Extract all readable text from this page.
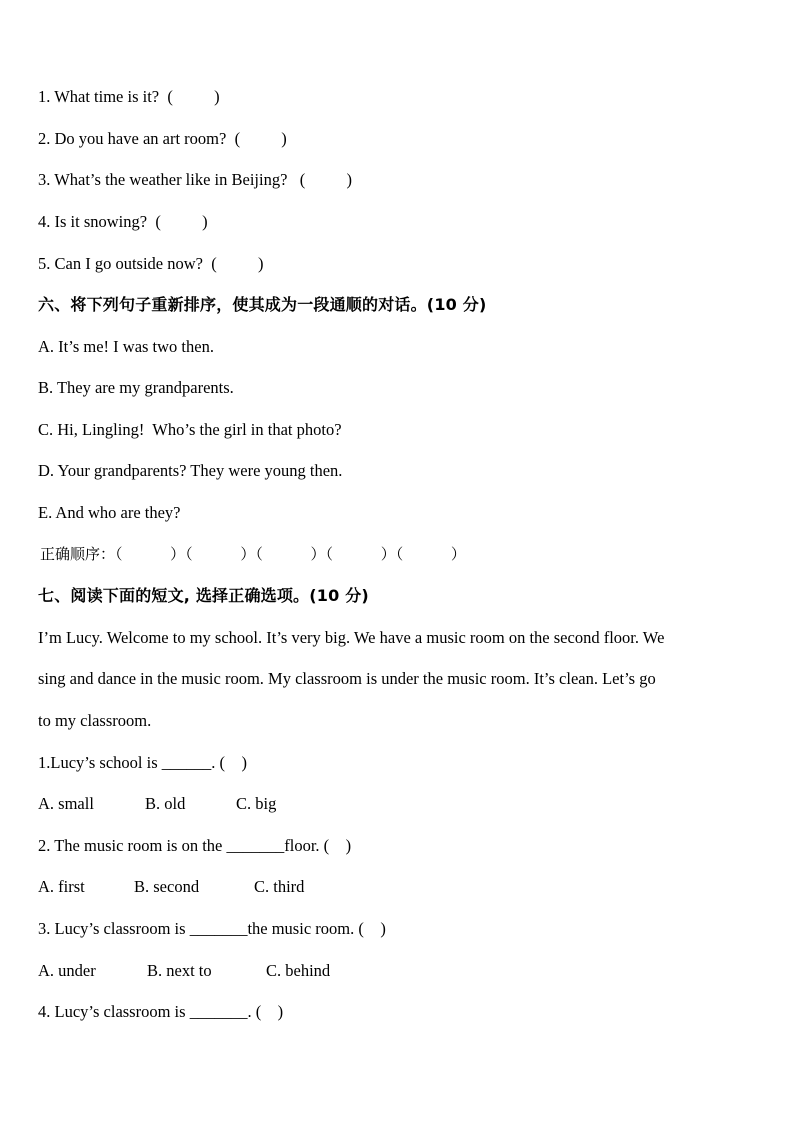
1. What time is it?  (          )
2. Do you have an art room?  (          )
3. What’s the weather like in Beijing?   (          )
4. Is it snowing?  (          )
5. Can I go outside now?  (          )
六、将下列句子重新排序，使其成为一段通顺的对话。(10 分)
A. It’s me! I was two then.
B. They are my grandparents.
C. Hi, Lingling!  Who’s the girl in that photo?
D. Your grandparents? They were young then.
E. And who are they?
正确顺序：（          ）（          ）（          ）（          ）（          ）
七、阅读下面的短文, 选择正确选项。(10 分)
I’m Lucy. Welcome to my school. It’s very big. We have a music room on the second floor. We
sing and dance in the music room. My classroom is under the music room. It’s clean. Let’s go
to my classroom.
1.Lucy’s school is ______. (    )
A. small	B. old	C. big
2. The music room is on the _______floor. (    )
A. first	B. second	C. third
3. Lucy’s classroom is _______the music room. (    )
A. under	B. next to	C. behind
4. Lucy’s classroom is _______. (    )
